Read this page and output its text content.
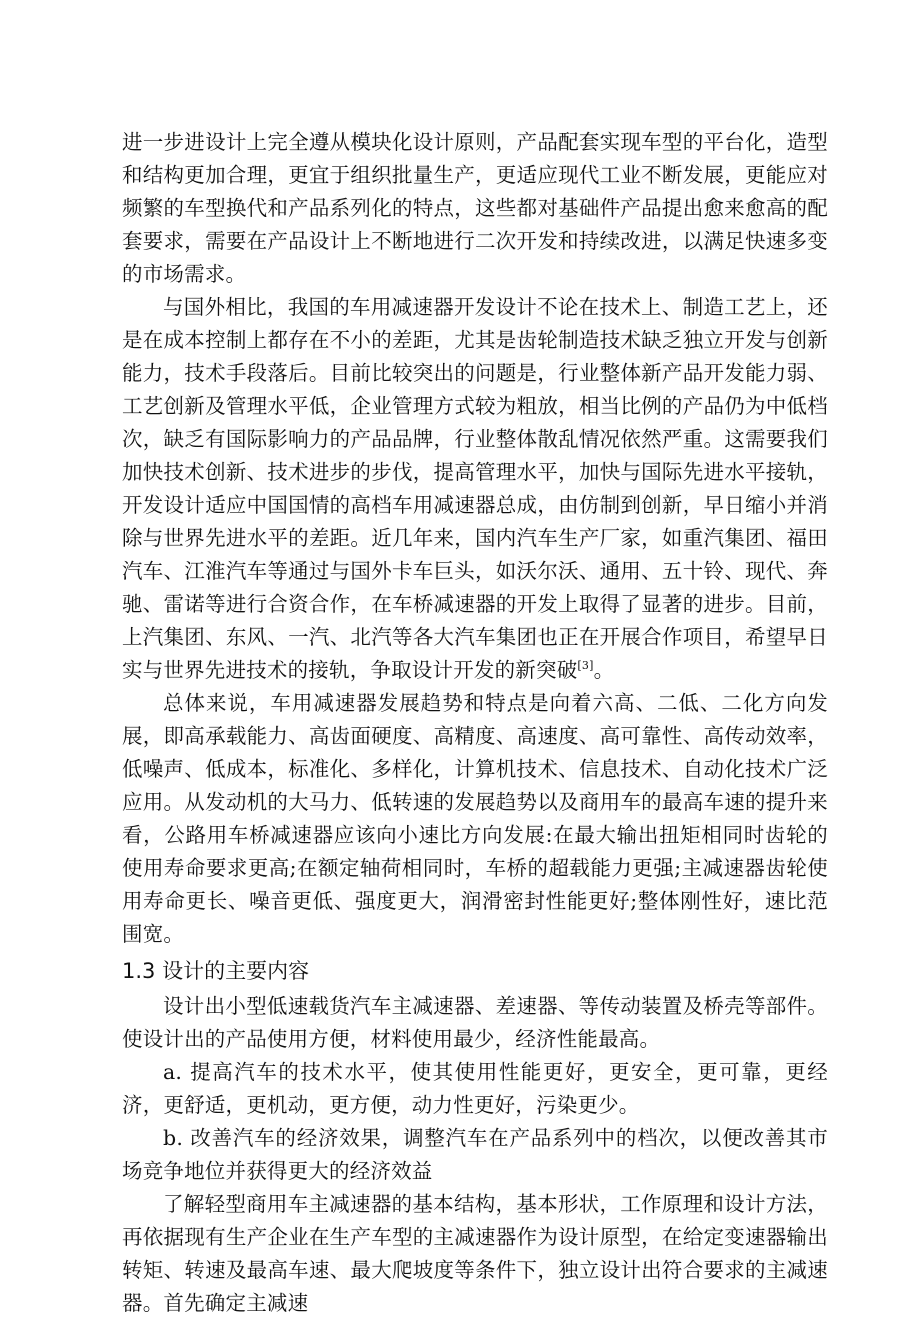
进一步进设计上完全遵从模块化设计原则，产品配套实现车型的平台化，造型和结构更加合理，更宜于组织批量生产，更适应现代工业不断发展，更能应对频繁的车型换代和产品系列化的特点，这些都对基础件产品提出愈来愈高的配套要求，需要在产品设计上不断地进行二次开发和持续改进，以满足快速多变的市场需求。

与国外相比，我国的车用减速器开发设计不论在技术上、制造工艺上，还是在成本控制上都存在不小的差距，尤其是齿轮制造技术缺乏独立开发与创新能力，技术手段落后。目前比较突出的问题是，行业整体新产品开发能力弱、工艺创新及管理水平低，企业管理方式较为粗放，相当比例的产品仍为中低档次，缺乏有国际影响力的产品品牌，行业整体散乱情况依然严重。这需要我们加快技术创新、技术进步的步伐，提高管理水平，加快与国际先进水平接轨，开发设计适应中国国情的高档车用减速器总成，由仿制到创新，早日缩小并消除与世界先进水平的差距。近几年来，国内汽车生产厂家，如重汽集团、福田汽车、江淮汽车等通过与国外卡车巨头，如沃尔沃、通用、五十铃、现代、奔驰、雷诺等进行合资合作，在车桥减速器的开发上取得了显著的进步。目前，上汽集团、东风、一汽、北汽等各大汽车集团也正在开展合作项目，希望早日实与世界先进技术的接轨，争取设计开发的新突破[3]。

总体来说，车用减速器发展趋势和特点是向着六高、二低、二化方向发展，即高承载能力、高齿面硬度、高精度、高速度、高可靠性、高传动效率，低噪声、低成本，标准化、多样化，计算机技术、信息技术、自动化技术广泛应用。从发动机的大马力、低转速的发展趋势以及商用车的最高车速的提升来看，公路用车桥减速器应该向小速比方向发展:在最大输出扭矩相同时齿轮的使用寿命要求更高;在额定轴荷相同时，车桥的超载能力更强;主减速器齿轮使用寿命更长、噪音更低、强度更大，润滑密封性能更好;整体刚性好，速比范围宽。

1.3 设计的主要内容

设计出小型低速载货汽车主减速器、差速器、等传动装置及桥壳等部件。使设计出的产品使用方便，材料使用最少，经济性能最高。

a. 提高汽车的技术水平，使其使用性能更好，更安全，更可靠，更经济，更舒适，更机动，更方便，动力性更好，污染更少。

b. 改善汽车的经济效果，调整汽车在产品系列中的档次，以便改善其市场竞争地位并获得更大的经济效益

了解轻型商用车主减速器的基本结构，基本形状，工作原理和设计方法，再依据现有生产企业在生产车型的主减速器作为设计原型，在给定变速器输出转矩、转速及最高车速、最大爬坡度等条件下，独立设计出符合要求的主减速器。首先确定主减速
